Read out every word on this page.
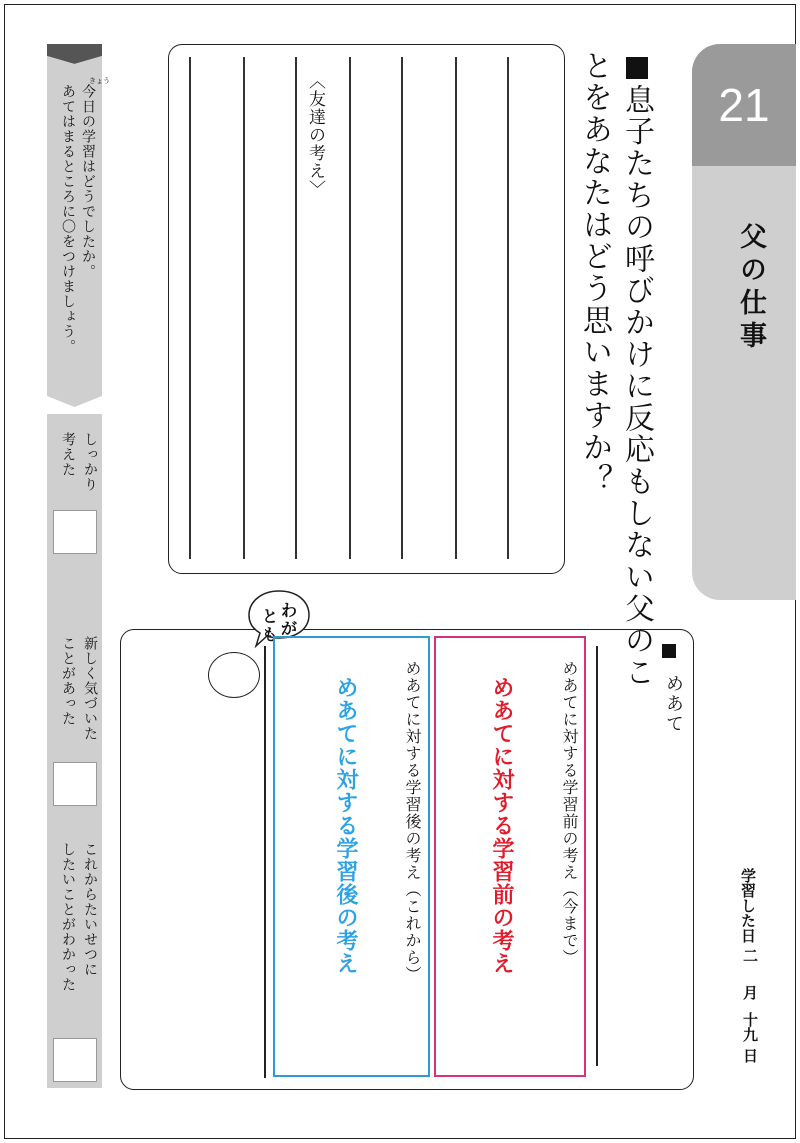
21
父の仕事
息子たちの呼びかけに反応もしない父のこ
とをあなたはどう思いますか？
〈友達の考え〉
わ
が
と
も
めあて
めあてに対する学習前の考え（今まで）
めあてに対する学習前の考え
めあてに対する学習後の考え（これから）
めあてに対する学習後の考え	学習した日
二
月
十九
日
きょう
今日の学習はどうでしたか。
あてはまるところに〇をつけましょう。
しっかり
考えた
新しく気づいた
ことがあった
これからたいせつに
したいことがわかった
